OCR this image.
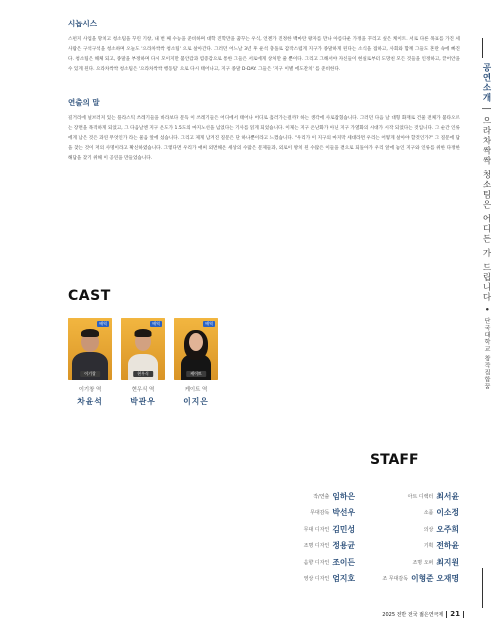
시놉시스

스펀지 사업을 망치고 청소팀을 꾸린 기창, 내 번 째 수능을 준비하며 대학 진학만을 꿈꾸는 우식, 언젠가 진정한 백마탄 왕자를 만나 아름다운 가정을 꾸리고 싶은 케이트. 서로 다른 목표를 가진 세 사람은 구석구석을 청소하며 오늘도 '으라차싹싹 청소팀' 으로 살아간다. 그러던 어느날 3년 후 운석 충돌로 갑작스럽게 지구가 종말하게 된다는 소식을 접하고, 사회와 함께 그들도 혼란 속에 빠진다. 청소팀은 해체 되고, 종말을 부정하며 다시 모이지만 불안감과 염증감으로 통한 그들은 서로에게 상처만 줄 뿐이다. 그리고 그해서야 자신들이 현실로부터 도망친 모든 것들을 인정하고, 끝어안을 수 있게 된다. 으라차싹싹 청소팀은 '으라차싹싹 행동팀' 으로 다시 태어나고, 지구 종말 D-DAY. 그들은 '지구 이별 에도잔치' 를 준비한다.

연출의 말

길거리에 널브러져 있는 플라스틱 쓰레기들을 바라보다 문득 이 쓰레기들은 어디에서 태어나 어디로 흘러가는걸까? 하는 생각에 사로잡혔습니다. 그러던 다음 날 대형 화재로 건물 전체가 불타오르는 장면을 목격하게 되었고, 그 다음날엔 지구 온도가 1.5도의 마지노선을 넘었다는 기사를 읽게 되었습니다. 이제는 지구 온난화가 아닌 지구 가열화의 시대가 시작 되었다는 것입니다. 그 순간 인류에게 남은 것은 과연 무엇인가 라는 물음 앞에 섰습니다. 그리고 제게 남겨진 질문은 단 하나뿐이라고 느꼈습니다. "우리가 이 지구의 마지막 세대라면 우리는 어떻게 살아야 할것인가?" 그 질문에 답을 찾는 것이 저의 사명이라고 확신하였습니다. 그렇다면 우리가 애써 외면해온 세상의 수많은 문제들과, 외로이 방치 된 수많은 이들을 곁으로 되돌아가 우리 앞에 놓인 지구와 인류를 위한 다정한 해답을 찾기 위해 이 공연을 만들었습니다.

CAST
배역
이기창
배역
현우식
배역
케이트
이기창 역
차윤석
현우식 역
박관우
케이트 역
이지은
STAFF
작/연출 임하은
무대감독 박선우
무대 디자인 김민성
조명 디자인 정용균
음향 디자인 조이든
영상 디자인 엄지호
아트 디렉터 최서윤
소품 이소정
의상 오주희
기획 전하윤
조명 오퍼 최지원
조 무대감독 이형준 오재명
2025 전반 전국 젊은연극제 21
공연소개 | 으라차싹싹 청소팀은 어디든 가 드립니다 • 단국대학교 창작집합꿈
